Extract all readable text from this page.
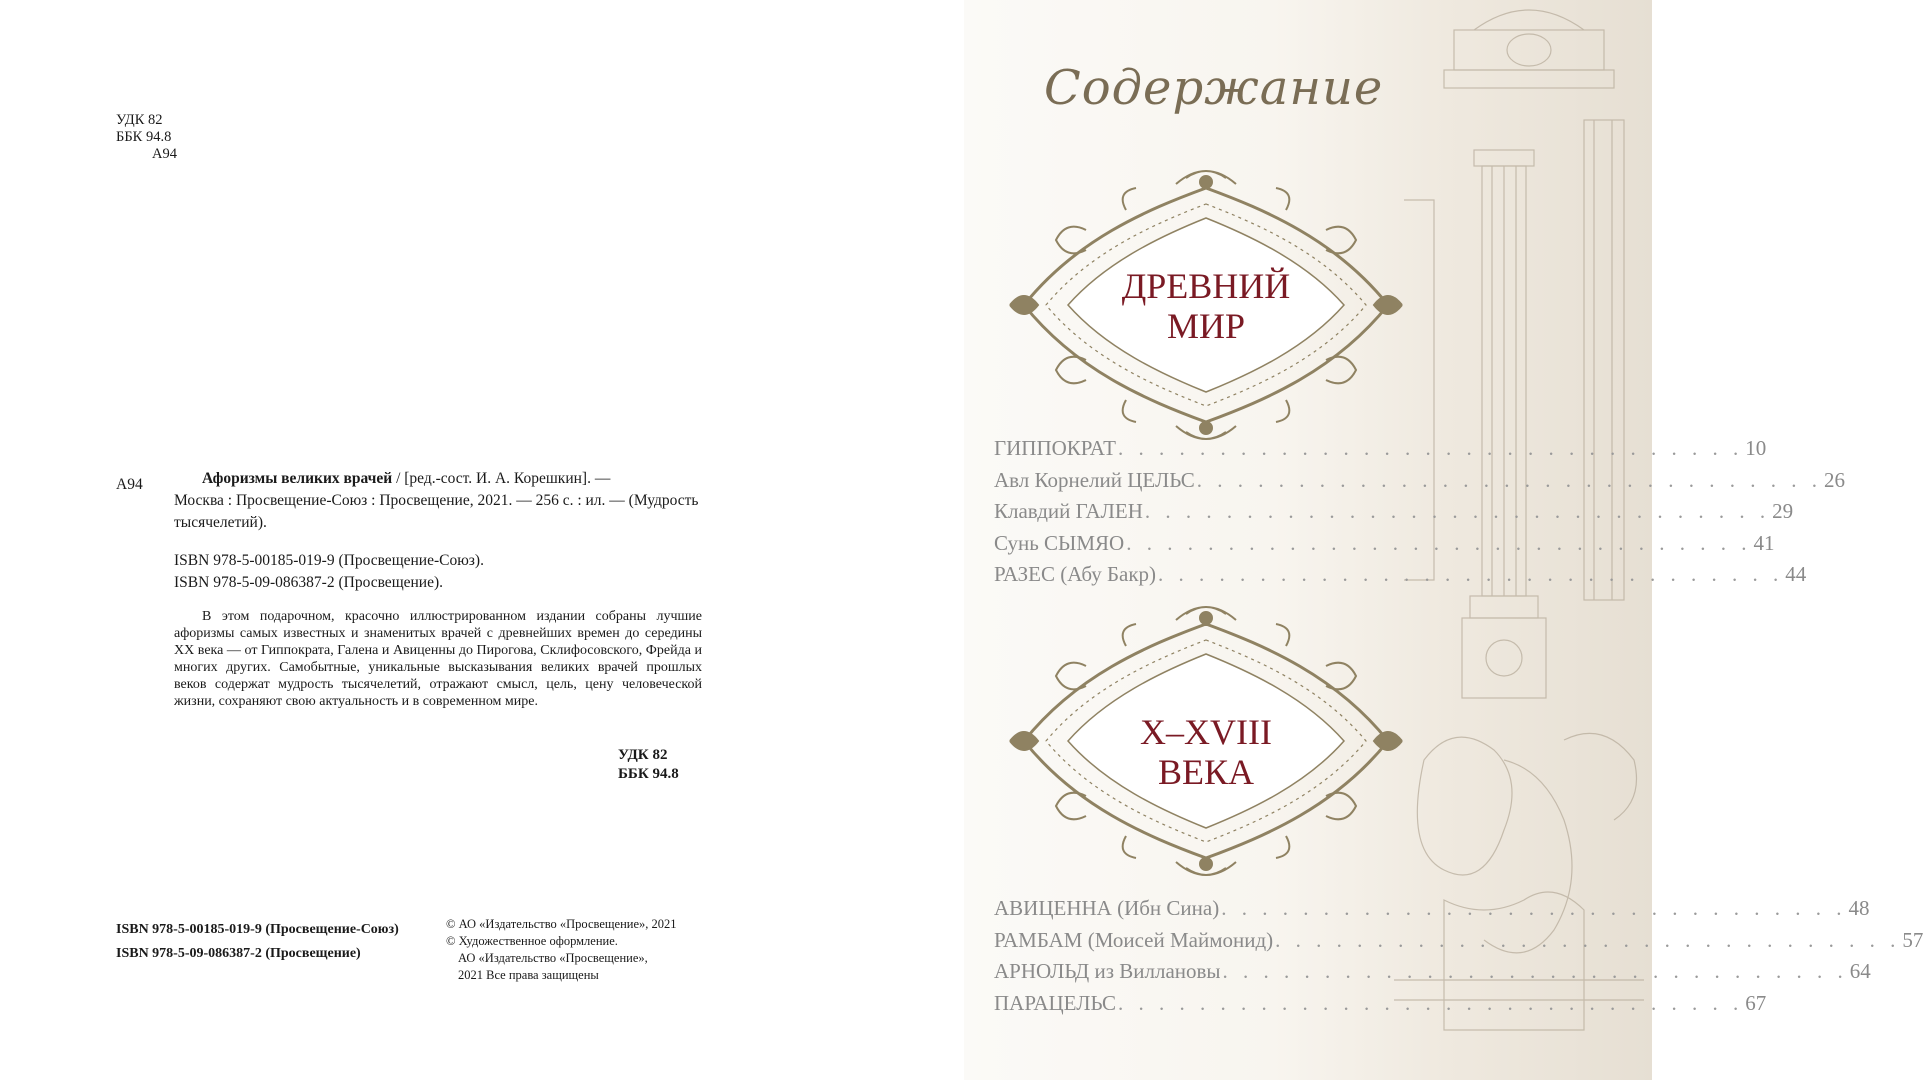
УДК 82
ББК 94.8
А94
А94	Афоризмы великих врачей / [ред.-сост. И. А. Корешкин]. —
Москва : Просвещение-Союз : Просвещение, 2021. — 256 с. : ил. — (Мудрость тысячелетий).
ISBN 978-5-00185-019-9 (Просвещение-Союз).
ISBN 978-5-09-086387-2 (Просвещение).
В этом подарочном, красочно иллюстрированном издании собраны лучшие афоризмы самых известных и знаменитых врачей с древнейших времен до середины XX века — от Гиппократа, Галена и Авиценны до Пирогова, Склифосовского, Фрейда и многих других. Самобытные, уникальные высказывания великих врачей прошлых веков содержат мудрость тысячелетий, отражают смысл, цель, цену человеческой жизни, сохраняют свою актуальность и в современном мире.
УДК 82
ББК 94.8
ISBN 978-5-00185-019-9 (Просвещение-Союз)
ISBN 978-5-09-086387-2 (Просвещение)
© АО «Издательство «Просвещение», 2021
© Художественное оформление.
АО «Издательство «Просвещение»,
2021 Все права защищены
Содержание
ДРЕВНИЙ
МИР
ГИППОКРАТ . . . . . . . . . . . . . . . . . . . . . . . . . . . . . . . 10
Авл Корнелий ЦЕЛЬС . . . . . . . . . . . . . . . . . . . . . . . . . . . . . . . 26
Клавдий ГАЛЕН . . . . . . . . . . . . . . . . . . . . . . . . . . . . . . . 29
Сунь СЫМЯО . . . . . . . . . . . . . . . . . . . . . . . . . . . . . . . 41
РАЗЕС (Абу Бакр) . . . . . . . . . . . . . . . . . . . . . . . . . . . . . . . 44
X–XVIII
ВЕКА
АВИЦЕННА (Ибн Сина) . . . . . . . . . . . . . . . . . . . . . . . . . . . . . . . 48
РАМБАМ (Моисей Маймонид) . . . . . . . . . . . . . . . . . . . . . . . . . . . . . . . 57
АРНОЛЬД из Виллановы . . . . . . . . . . . . . . . . . . . . . . . . . . . . . . . 64
ПАРАЦЕЛЬС . . . . . . . . . . . . . . . . . . . . . . . . . . . . . . . 67
